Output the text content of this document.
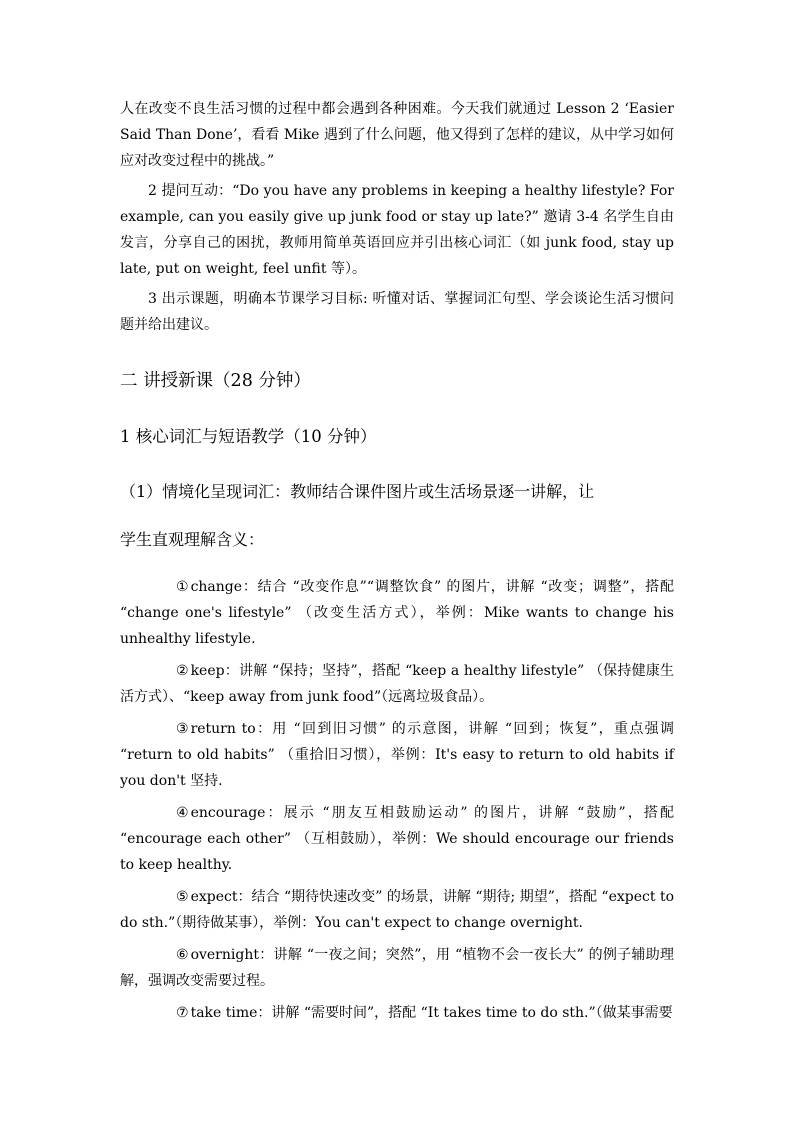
人在改变不良生活习惯的过程中都会遇到各种困难。今天我们就通过 Lesson 2 ‘Easier Said Than Done’，看看 Mike 遇到了什么问题，他又得到了怎样的建议，从中学习如何应对改变过程中的挑战。”

2 提问互动：“Do you have any problems in keeping a healthy lifestyle? For example, can you easily give up junk food or stay up late?” 邀请 3-4 名学生自由发言，分享自己的困扰，教师用简单英语回应并引出核心词汇（如 junk food, stay up late, put on weight, feel unfit 等）。

3 出示课题，明确本节课学习目标: 听懂对话、掌握词汇句型、学会谈论生活习惯问题并给出建议。

二 讲授新课（28 分钟）

1 核心词汇与短语教学（10 分钟）

（1）情境化呈现词汇：教师结合课件图片或生活场景逐一讲解，让
学生直观理解含义：

① change：结合 “改变作息”“调整饮食” 的图片，讲解 “改变；调整”，搭配 “change one's lifestyle” （改变生活方式），举例：Mike wants to change his unhealthy lifestyle.

② keep：讲解 “保持；坚持”，搭配 “keep a healthy lifestyle” （保持健康生活方式）、“keep away from junk food”（远离垃圾食品）。

③ return to：用 “回到旧习惯” 的示意图，讲解 “回到；恢复”，重点强调 “return to old habits” （重拾旧习惯），举例：It's easy to return to old habits if you don't 坚持.

④ encourage：展示 “朋友互相鼓励运动” 的图片，讲解 “鼓励”，搭配 “encourage each other” （互相鼓励），举例：We should encourage our friends to keep healthy.

⑤ expect：结合 “期待快速改变” 的场景，讲解 “期待; 期望”，搭配 “expect to do sth.”（期待做某事），举例：You can't expect to change overnight.

⑥ overnight：讲解 “一夜之间；突然”，用 “植物不会一夜长大” 的例子辅助理解，强调改变需要过程。

⑦ take time：讲解 “需要时间”，搭配 “It takes time to do sth.”（做某事需要
